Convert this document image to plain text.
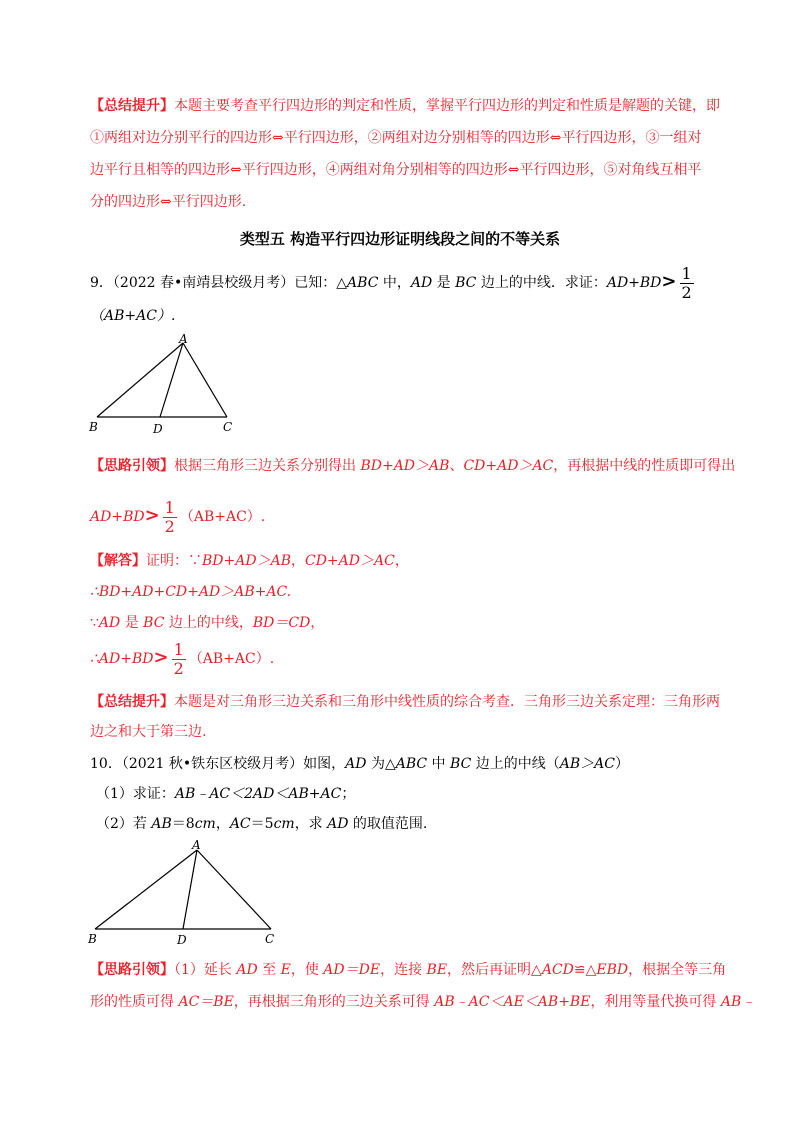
【总结提升】本题主要考查平行四边形的判定和性质，掌握平行四边形的判定和性质是解题的关键，即
①两组对边分别平行的四边形⇔平行四边形，②两组对边分别相等的四边形⇔平行四边形，③一组对
边平行且相等的四边形⇔平行四边形，④两组对角分别相等的四边形⇔平行四边形，⑤对角线互相平
分的四边形⇔平行四边形.
类型五 构造平行四边形证明线段之间的不等关系
9．（2022 春•南靖县校级月考）已知：△ABC 中，AD 是 BC 边上的中线．求证：$AD+BD> \frac{1}{2}$
（AB+AC）.
A
B	D	C
【思路引领】根据三角形三边关系分别得出 BD+AD＞AB、CD+AD＞AC，再根据中线的性质即可得出
$AD+BD> \frac{1}{2} (AB+AC)$.
【解答】证明：∵BD+AD＞AB，CD+AD＞AC，
∴BD+AD+CD+AD＞AB+AC.
∵AD 是 BC 边上的中线，BD＝CD，
∴AD+BD> $\frac{1}{2} (AB+AC)$.
【总结提升】本题是对三角形三边关系和三角形中线性质的综合考查．三角形三边关系定理：三角形两
边之和大于第三边.
10．（2021 秋•铁东区校级月考）如图，AD 为△ABC 中 BC 边上的中线（AB＞AC）
（1）求证：AB﹣AC＜2AD＜AB+AC；
（2）若 AB＝8cm，AC＝5cm，求 AD 的取值范围.
A
B	D	C
【思路引领】（1）延长 AD 至 E，使 AD＝DE，连接 BE，然后再证明△ACD≌△EBD，根据全等三角
形的性质可得 AC＝BE，再根据三角形的三边关系可得 AB﹣AC＜AE＜AB+BE，利用等量代换可得 AB﹣
